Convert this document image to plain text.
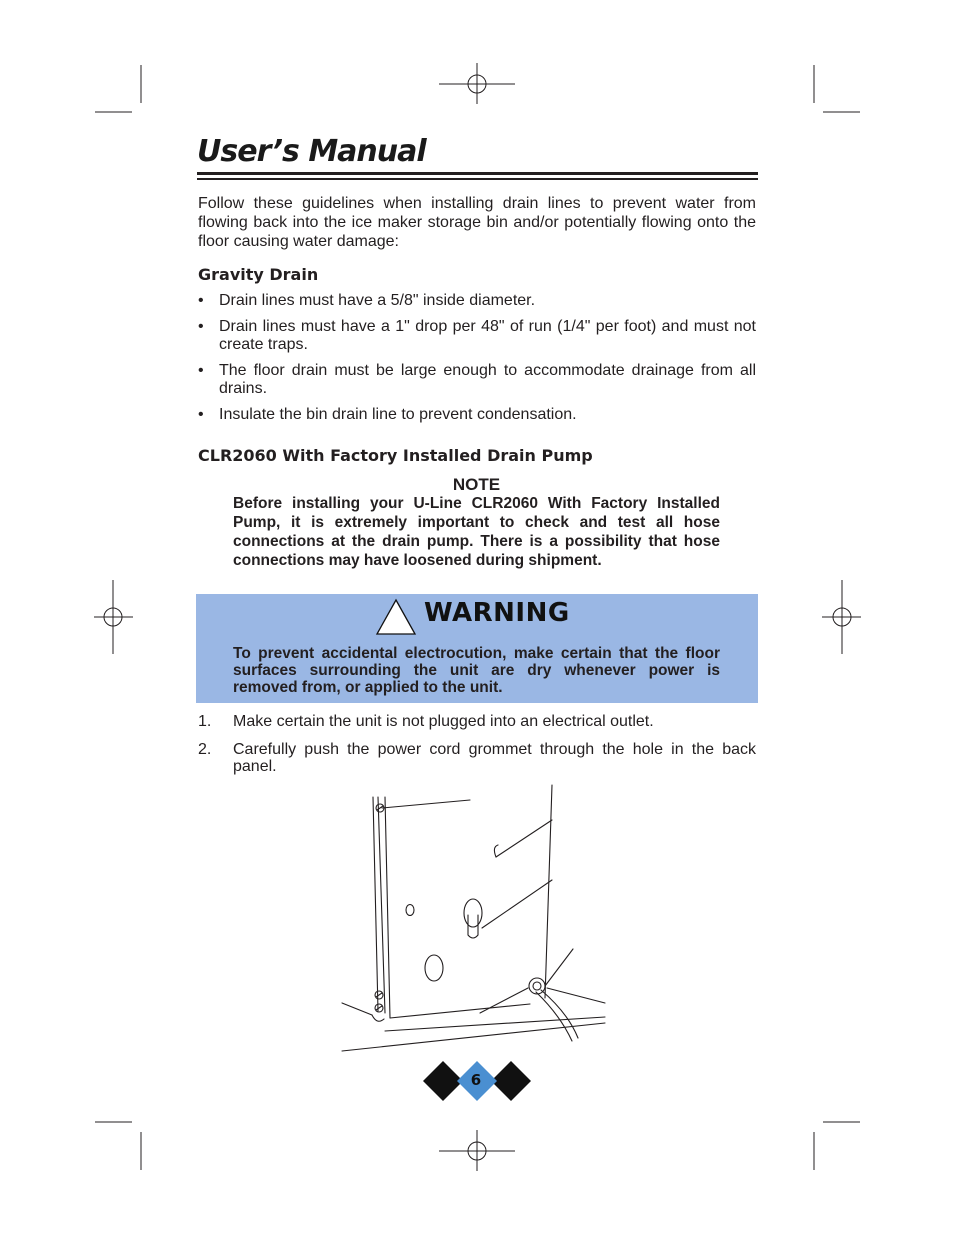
User’s Manual

Follow these guidelines when installing drain lines to prevent water from flowing back into the ice maker storage bin and/or potentially flowing onto the floor causing water damage:

Gravity Drain
• Drain lines must have a 5/8" inside diameter.
• Drain lines must have a 1" drop per 48" of run (1/4" per foot) and must not create traps.
• The floor drain must be large enough to accommodate drainage from all drains.
• Insulate the bin drain line to prevent condensation.
CLR2060 With Factory Installed Drain Pump

NOTE

Before installing your U-Line CLR2060 With Factory Installed Pump, it is extremely important to check and test all hose connections at the drain pump. There is a possibility that hose connections may have loosened during shipment.

WARNING

To prevent accidental electrocution, make certain that the floor surfaces surrounding the unit are dry whenever power is removed from, or applied to the unit.

1. Make certain the unit is not plugged into an electrical outlet.
2. Carefully push the power cord grommet through the hole in the back panel.
6
